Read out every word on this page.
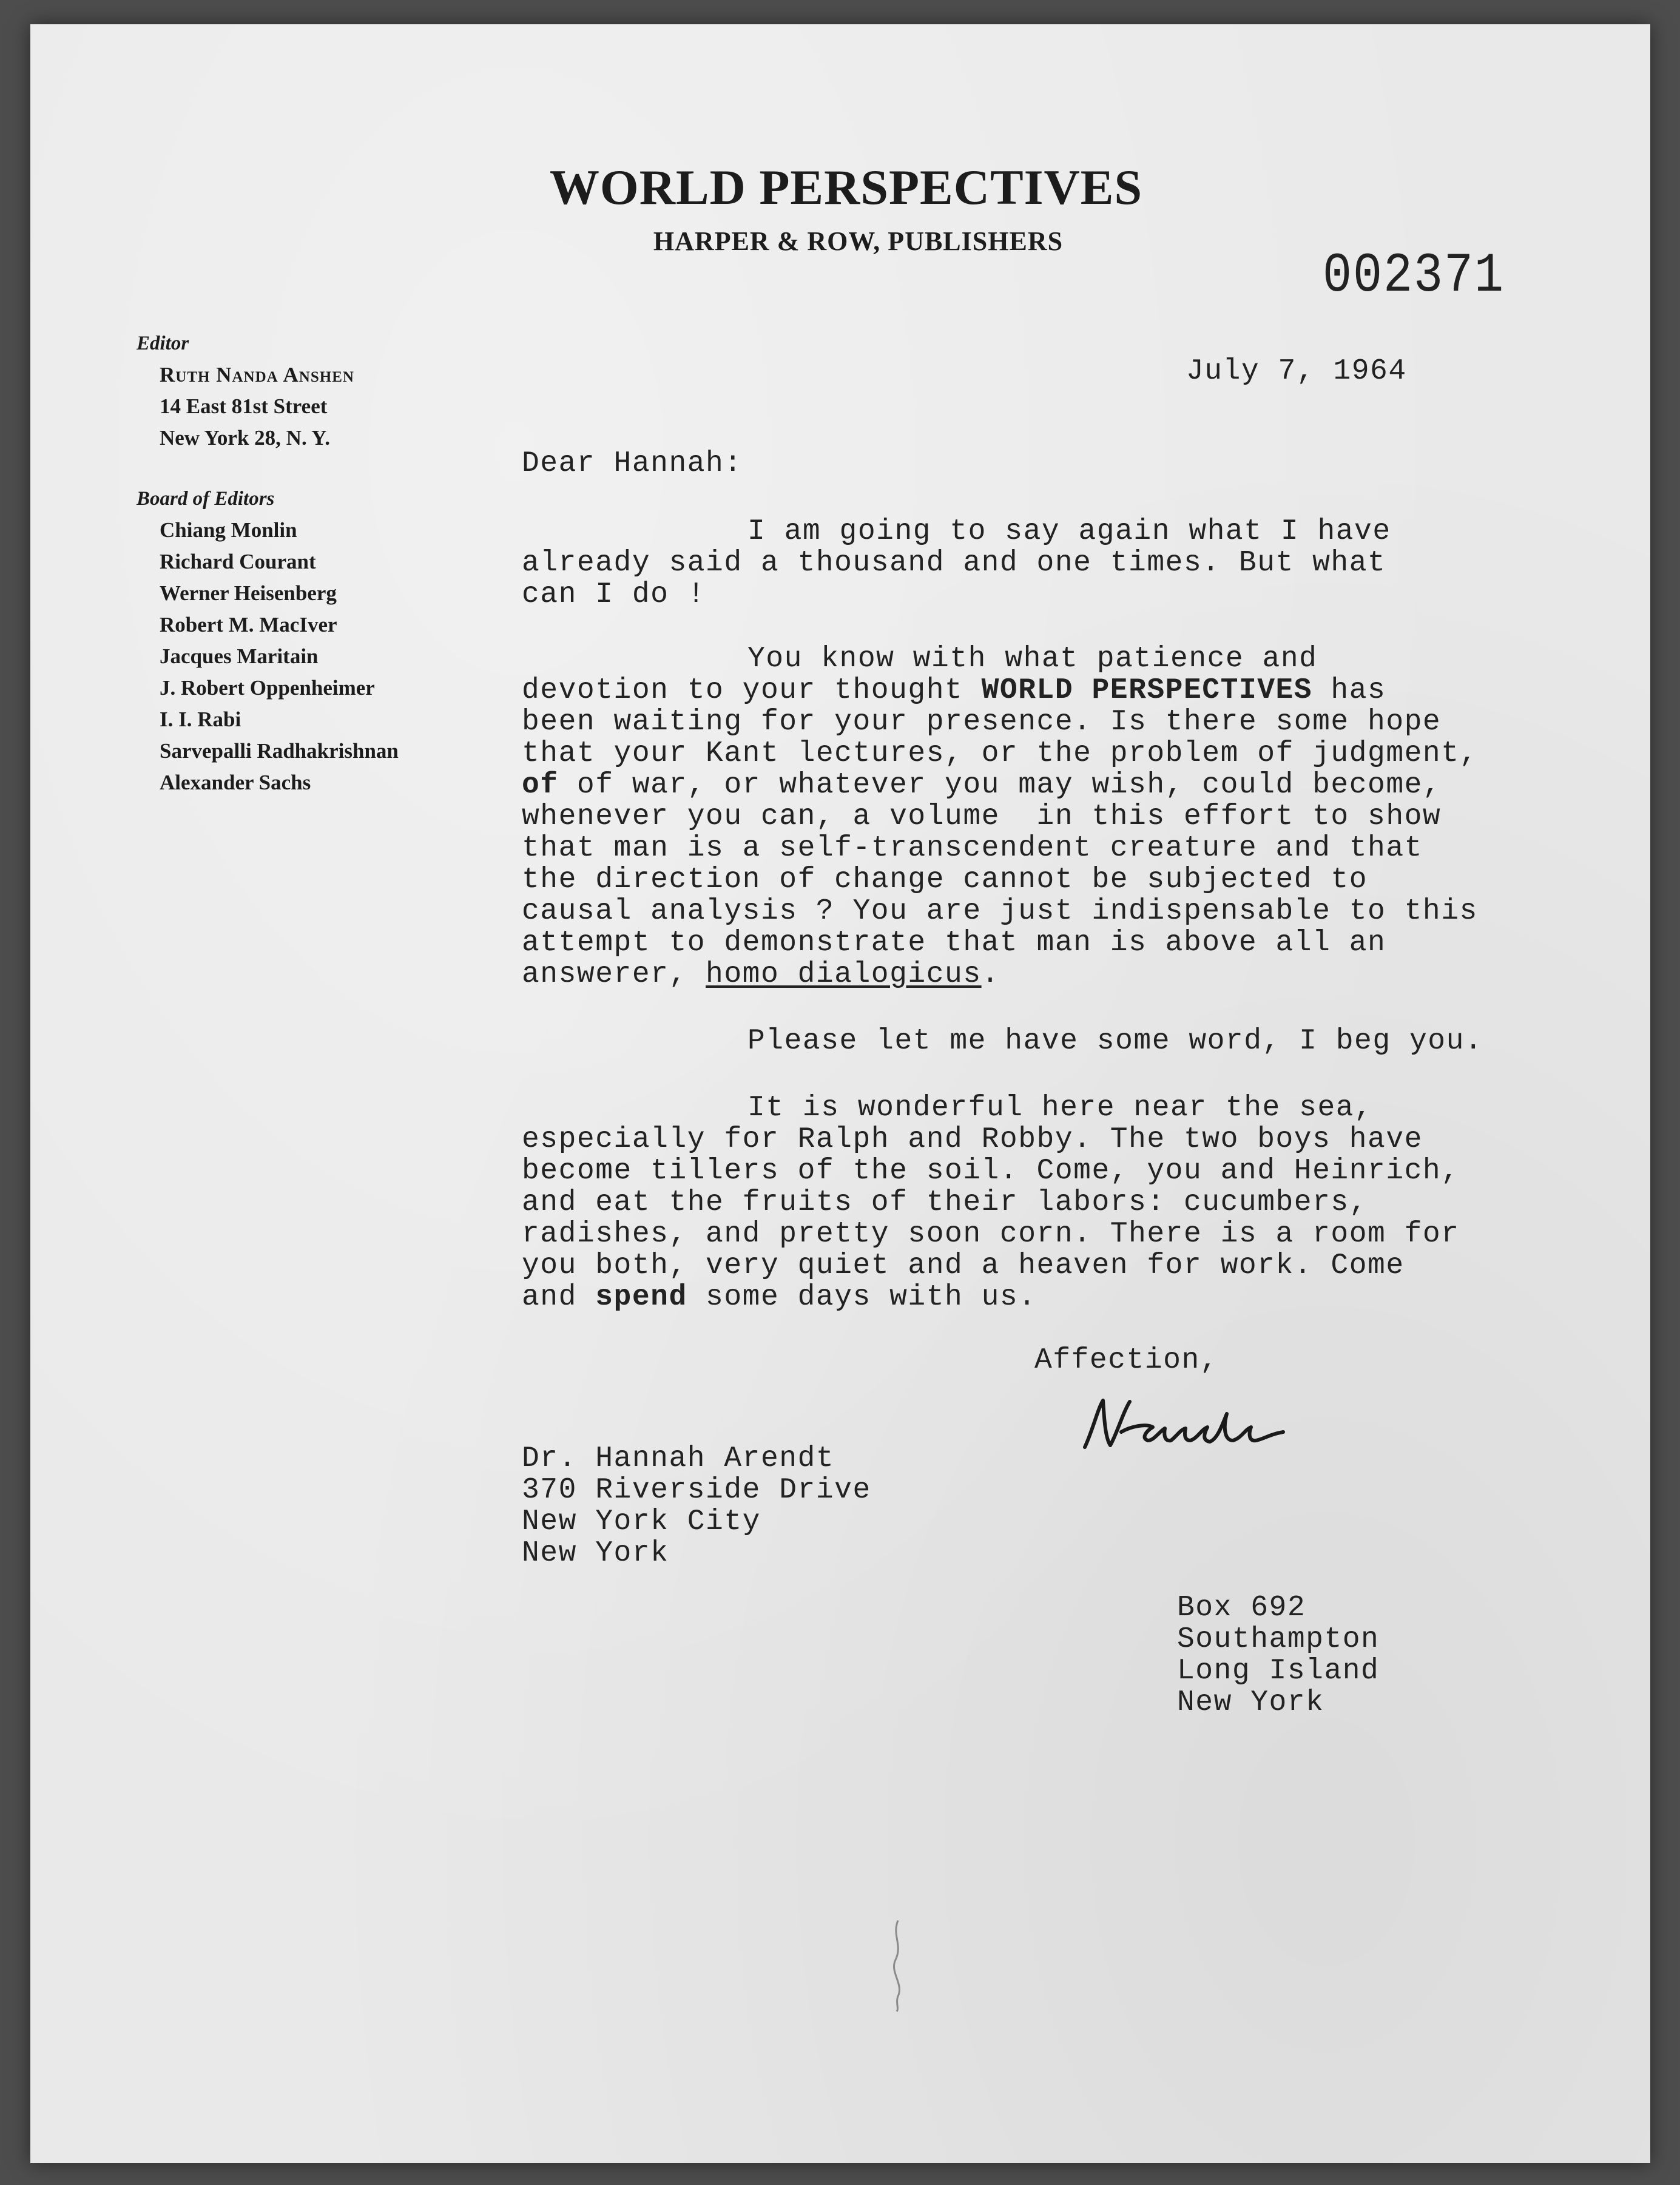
WORLD PERSPECTIVES
HARPER & ROW, PUBLISHERS
002371
Editor
Ruth Nanda Anshen
14 East 81st Street
New York 28, N. Y.
Board of Editors
Chiang Monlin
Richard Courant
Werner Heisenberg
Robert M. MacIver
Jacques Maritain
J. Robert Oppenheimer
I. I. Rabi
Sarvepalli Radhakrishnan
Alexander Sachs
July 7, 1964
Dear Hannah:
I am going to say again what I have
already said a thousand and one times. But what
can I do !
You know with what patience and
devotion to your thought WORLD PERSPECTIVES has
been waiting for your presence. Is there some hope
that your Kant lectures, or the problem of judgment,
of of war, or whatever you may wish, could become,
whenever you can, a volume  in this effort to show
that man is a self-transcendent creature and that
the direction of change cannot be subjected to
causal analysis ? You are just indispensable to this
attempt to demonstrate that man is above all an
answerer, homo dialogicus.
Please let me have some word, I beg you.
It is wonderful here near the sea,
especially for Ralph and Robby. The two boys have
become tillers of the soil. Come, you and Heinrich,
and eat the fruits of their labors: cucumbers,
radishes, and pretty soon corn. There is a room for
you both, very quiet and a heaven for work. Come
and spend some days with us.
Affection,
Dr. Hannah Arendt
370 Riverside Drive
New York City
New York
Box 692
Southampton
Long Island
New York
